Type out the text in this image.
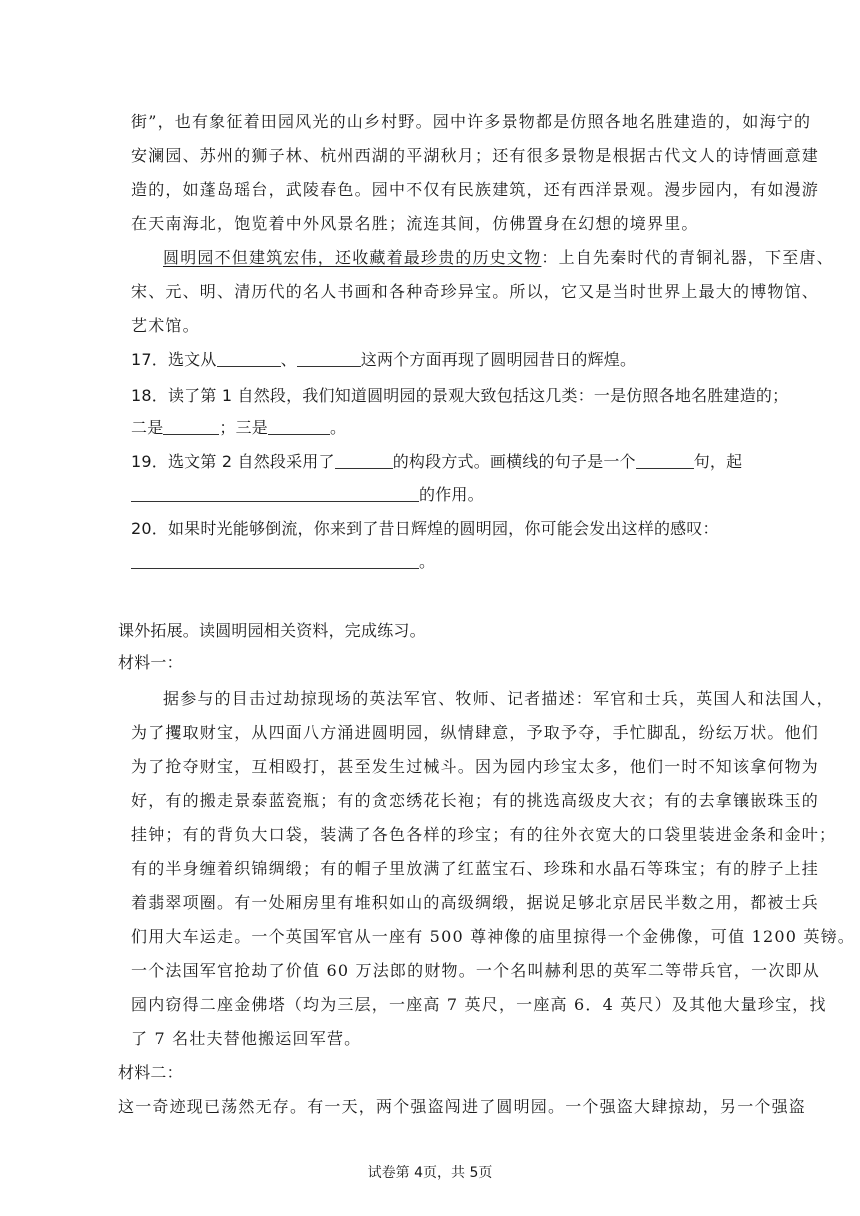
街”，也有象征着田园风光的山乡村野。园中许多景物都是仿照各地名胜建造的，如海宁的
安澜园、苏州的狮子林、杭州西湖的平湖秋月；还有很多景物是根据古代文人的诗情画意建
造的，如蓬岛瑶台，武陵春色。园中不仅有民族建筑，还有西洋景观。漫步园内，有如漫游
在天南海北，饱览着中外风景名胜；流连其间，仿佛置身在幻想的境界里。
圆明园不但建筑宏伟，还收藏着最珍贵的历史文物：上自先秦时代的青铜礼器，下至唐、
宋、元、明、清历代的名人书画和各种奇珍异宝。所以，它又是当时世界上最大的博物馆、
艺术馆。
17．选文从	、	这两个方面再现了圆明园昔日的辉煌。
18．读了第 1 自然段，我们知道圆明园的景观大致包括这几类：一是仿照各地名胜建造的；
二是	；三是	。
19．选文第 2 自然段采用了	的构段方式。画横线的句子是一个	句，起
的作用。
20．如果时光能够倒流，你来到了昔日辉煌的圆明园，你可能会发出这样的感叹：
。
课外拓展。读圆明园相关资料，完成练习。
材料一：
据参与的目击过劫掠现场的英法军官、牧师、记者描述：军官和士兵，英国人和法国人，
为了攫取财宝，从四面八方涌进圆明园，纵情肆意，予取予夺，手忙脚乱，纷纭万状。他们
为了抢夺财宝，互相殴打，甚至发生过械斗。因为园内珍宝太多，他们一时不知该拿何物为
好，有的搬走景泰蓝瓷瓶；有的贪恋绣花长袍；有的挑选高级皮大衣；有的去拿镶嵌珠玉的
挂钟；有的背负大口袋，装满了各色各样的珍宝；有的往外衣宽大的口袋里装进金条和金叶；
有的半身缠着织锦绸缎；有的帽子里放满了红蓝宝石、珍珠和水晶石等珠宝；有的脖子上挂
着翡翠项圈。有一处厢房里有堆积如山的高级绸缎，据说足够北京居民半数之用，都被士兵
们用大车运走。一个英国军官从一座有 500 尊神像的庙里掠得一个金佛像，可值 1200 英镑。
一个法国军官抢劫了价值 60 万法郎的财物。一个名叫赫利思的英军二等带兵官，一次即从
园内窃得二座金佛塔（均为三层，一座高 7 英尺，一座高 6．4 英尺）及其他大量珍宝，找
了 7 名壮夫替他搬运回军营。
材料二：
这一奇迹现已荡然无存。有一天，两个强盗闯进了圆明园。一个强盗大肆掠劫，另一个强盗
试卷第 4页，共 5页
